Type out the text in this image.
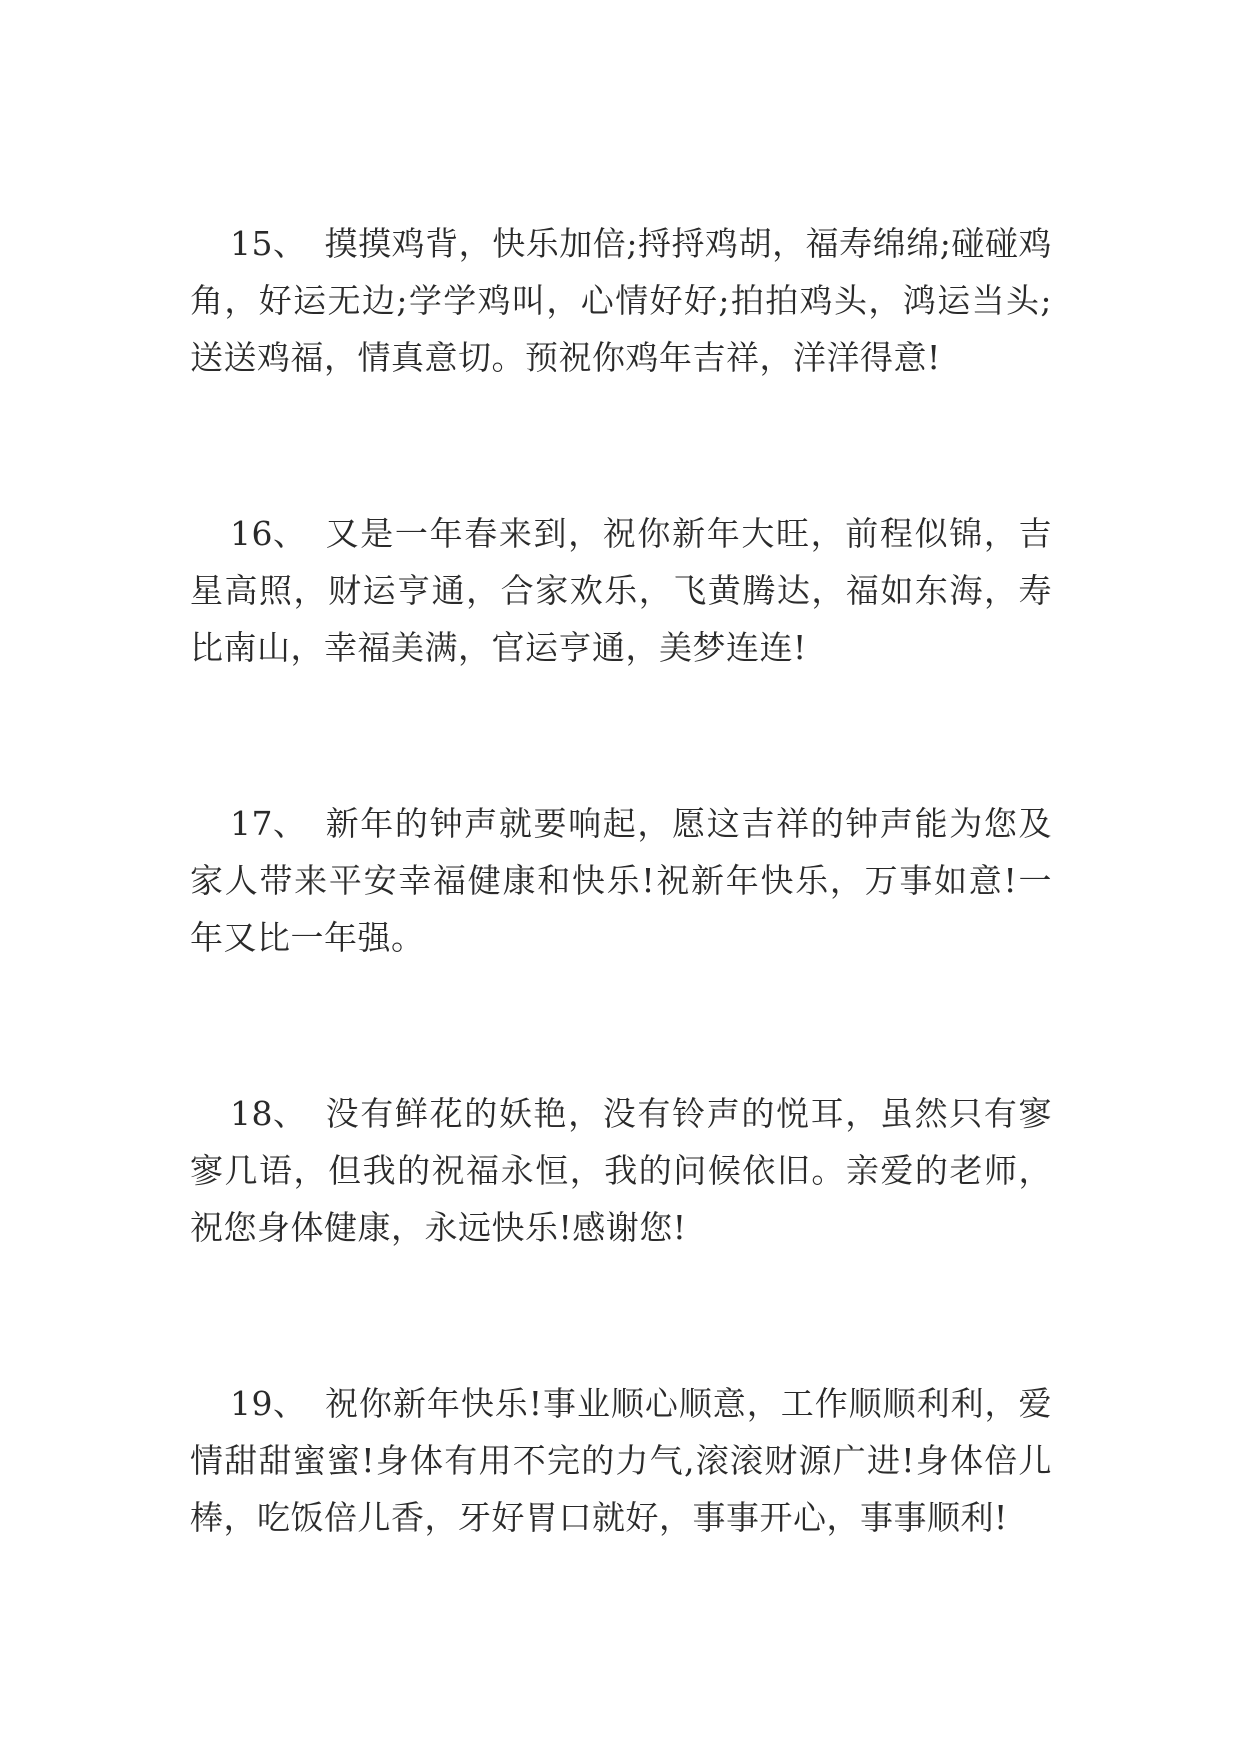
15、 摸摸鸡背，快乐加倍;捋捋鸡胡，福寿绵绵;碰碰鸡角，好运无边;学学鸡叫，心情好好;拍拍鸡头，鸿运当头;送送鸡福，情真意切。预祝你鸡年吉祥，洋洋得意!

16、 又是一年春来到，祝你新年大旺，前程似锦，吉星高照，财运亨通，合家欢乐，飞黄腾达，福如东海，寿比南山，幸福美满，官运亨通，美梦连连!

17、 新年的钟声就要响起，愿这吉祥的钟声能为您及家人带来平安幸福健康和快乐!祝新年快乐，万事如意!一年又比一年强。

18、 没有鲜花的妖艳，没有铃声的悦耳，虽然只有寥寥几语，但我的祝福永恒，我的问候依旧。亲爱的老师，祝您身体健康，永远快乐!感谢您!

19、 祝你新年快乐!事业顺心顺意，工作顺顺利利，爱情甜甜蜜蜜!身体有用不完的力气,滚滚财源广进!身体倍儿棒，吃饭倍儿香，牙好胃口就好，事事开心，事事顺利!
